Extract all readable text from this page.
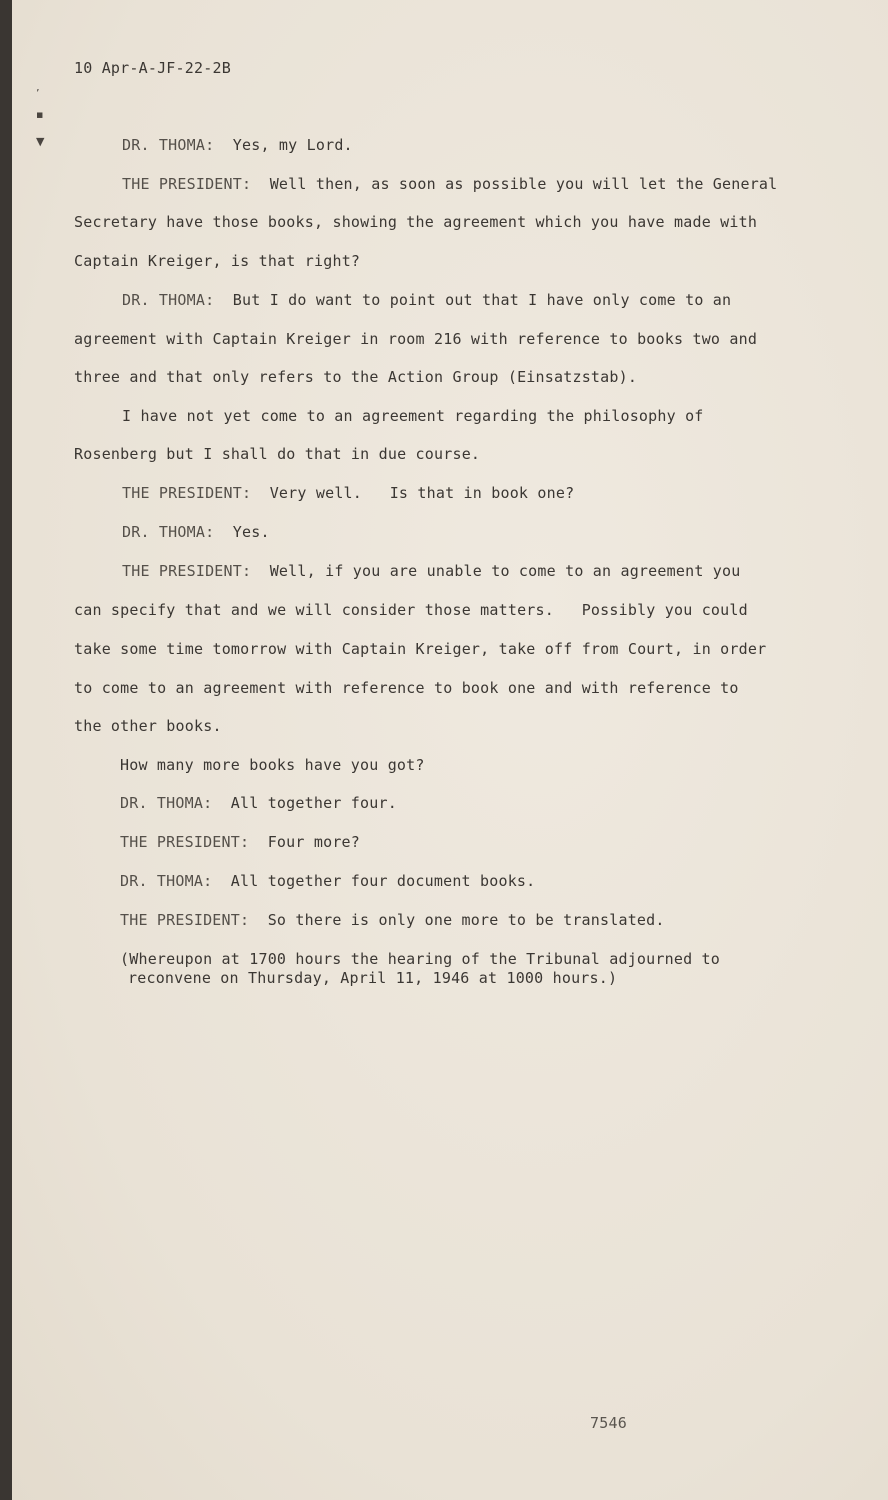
10 Apr-A-JF-22-2B
ʼ
▪
▼	DR. THOMA: Yes, my Lord.
THE PRESIDENT: Well then, as soon as possible you will let the General
Secretary have those books, showing the agreement which you have made with
Captain Kreiger, is that right?
DR. THOMA: But I do want to point out that I have only come to an
agreement with Captain Kreiger in room 216 with reference to books two and
three and that only refers to the Action Group (Einsatzstab).
I have not yet come to an agreement regarding the philosophy of
Rosenberg but I shall do that in due course.
THE PRESIDENT: Very well.   Is that in book one?
DR. THOMA: Yes.
THE PRESIDENT: Well, if you are unable to come to an agreement you
can specify that and we will consider those matters.   Possibly you could
take some time tomorrow with Captain Kreiger, take off from Court, in order
to come to an agreement with reference to book one and with reference to
the other books.
How many more books have you got?
DR. THOMA: All together four.
THE PRESIDENT: Four more?
DR. THOMA: All together four document books.
THE PRESIDENT: So there is only one more to be translated.
(Whereupon at 1700 hours the hearing of the Tribunal adjourned to
reconvene on Thursday, April 11, 1946 at 1000 hours.)
7546
